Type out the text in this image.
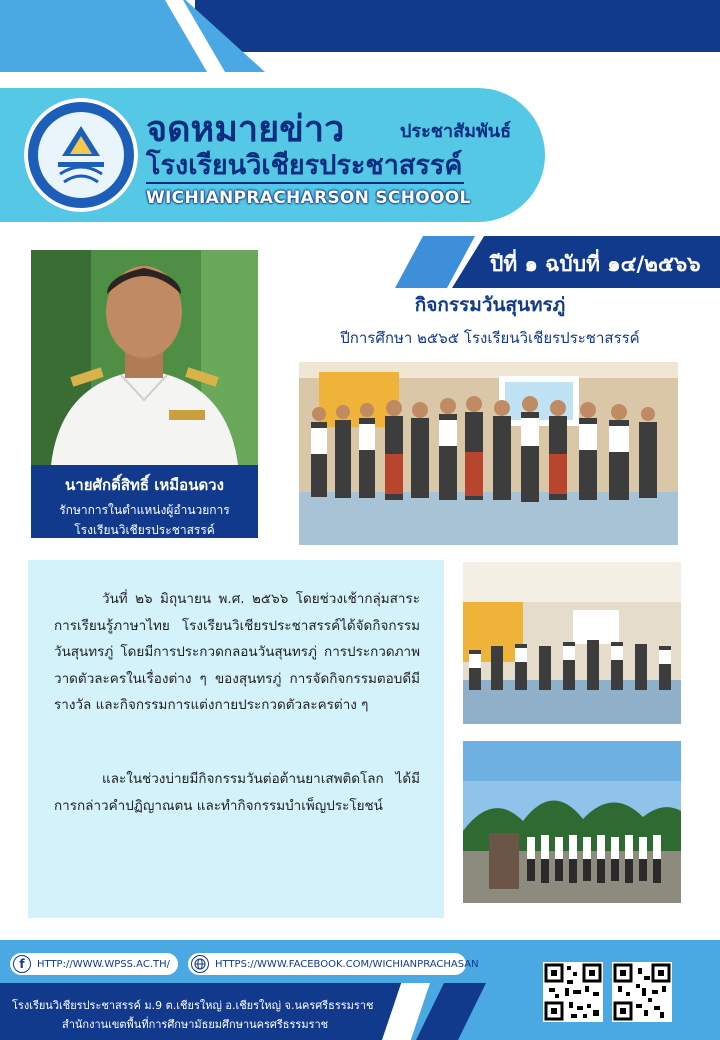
จดหมายข่าว	ประชาสัมพันธ์
โรงเรียนวิเชียรประชาสรรค์
WICHIANPRACHARSON SCHOOOL
ปีที่ ๑ ฉบับที่ ๑๔/๒๕๖๖
นายศักดิ์สิทธิ์ เหมือนดวง
รักษาการในตำแหน่งผู้อำนวยการ
โรงเรียนวิเชียรประชาสรรค์
กิจกรรมวันสุนทรภู่
ปีการศึกษา ๒๕๖๕ โรงเรียนวิเชียรประชาสรรค์
วันที่ ๒๖ มิถุนายน พ.ศ. ๒๕๖๖ โดยช่วงเช้ากลุ่มสาระการเรียนรู้ภาษาไทย โรงเรียนวิเชียรประชาสรรค์ได้จัดกิจกรรมวันสุนทรภู่ โดยมีการประกวดกลอนวันสุนทรภู่ การประกวดภาพวาดตัวละครในเรื่องต่าง ๆ ของสุนทรภู่ การจัดกิจกรรมตอบดีมีรางวัล และกิจกรรมการแต่งกายประกวดตัวละครต่าง ๆ
และในช่วงบ่ายมีกิจกรรมวันต่อต้านยาเสพติดโลก ได้มีการกล่าวคำปฏิญาณตน และทำกิจกรรมบำเพ็ญประโยชน์
f	HTTP://WWW.WPSS.AC.TH/	HTTPS://WWW.FACEBOOK.COM/WICHIANPRACHASAN
โรงเรียนวิเชียรประชาสรรค์ ม.9 ต.เชียรใหญ่ อ.เชียรใหญ่ จ.นครศรีธรรมราช
สำนักงานเขตพื้นที่การศึกษามัธยมศึกษานครศรีธรรมราช
